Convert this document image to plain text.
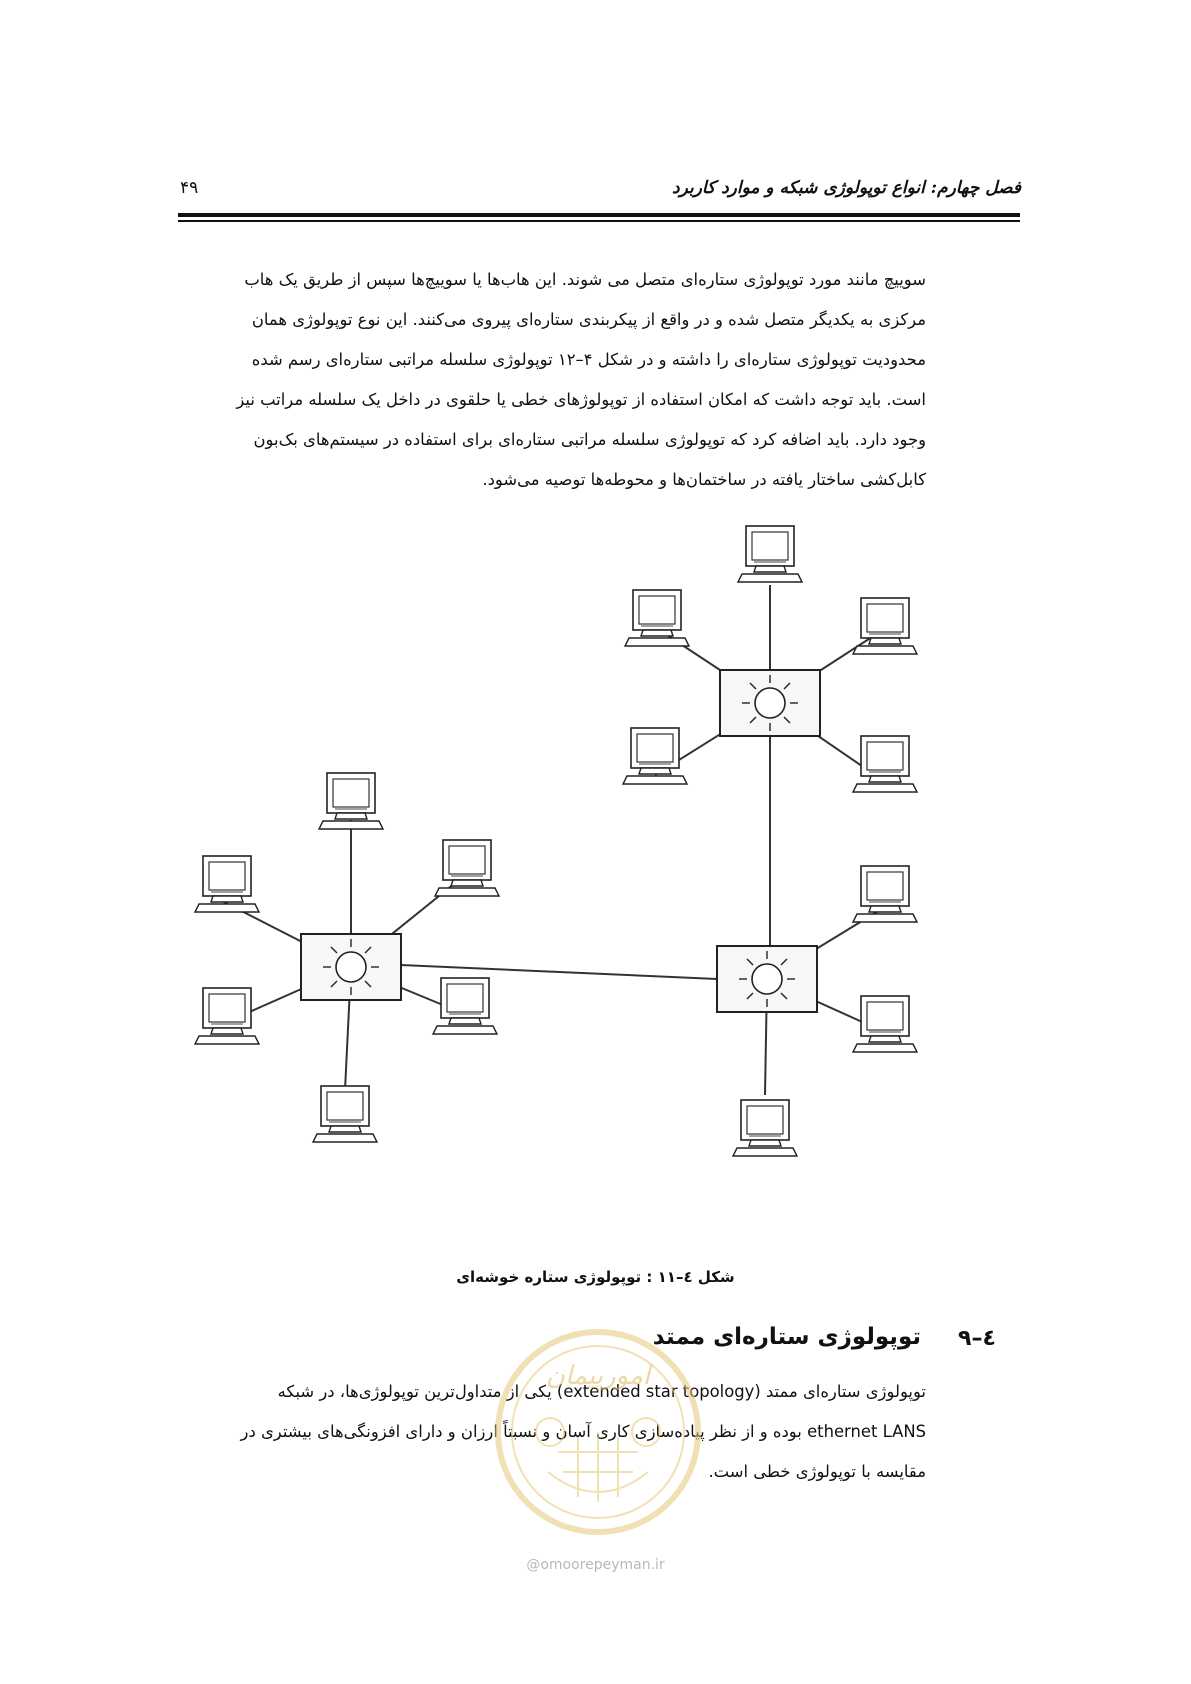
فصل چهارم: انواع توپولوژی شبکه و موارد کاربرد
۴۹
سوییچ مانند مورد توپولوژی ستاره‌ای متصل می شوند. این هاب‌ها یا سوییچ‌ها سپس از طریق یک هاب
مرکزی به یکدیگر متصل شده و در واقع از پیکربندی ستاره‌ای پیروی می‌کنند. این نوع توپولوژی همان
محدودیت توپولوژی ستاره‌ای را داشته و در شکل ۴–۱۲ توپولوژی سلسله مراتبی ستاره‌ای رسم شده
است. باید توجه داشت که امکان استفاده از توپولوژهای خطی یا حلقوی در داخل یک سلسله مراتب نیز
وجود دارد. باید اضافه کرد که توپولوژی سلسله مراتبی ستاره‌ای برای استفاده در سیستم‌های بک‌بون
کابل‌کشی ساختار یافته در ساختمان‌ها و محوطه‌ها توصیه می‌شود.
شکل ٤–١١ : توپولوژی ستاره خوشه‌ای
٤–٩
توپولوژی ستاره‌ای ممتد
توپولوژی ستاره‌ای ممتد (extended star topology) یکی از متداول‌ترین توپولوژی‌ها، در شبکه
ethernet LANS بوده و از نظر پیاده‌سازی کاری آسان و نسبتاً ارزان و دارای افزونگی‌های بیشتری در
مقایسه با توپولوژی خطی است.
امورپیمان
@omoorepeyman.ir
